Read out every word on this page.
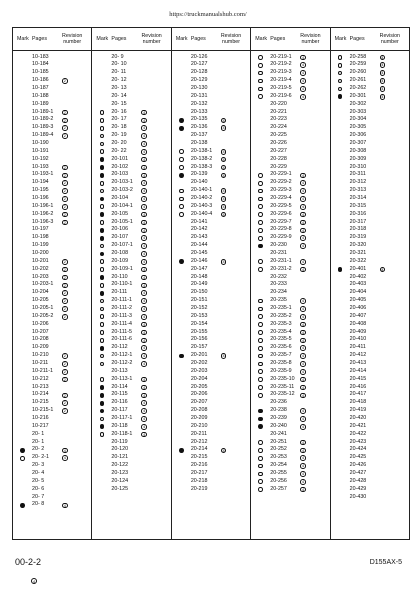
https://truckmanualshub.com/
Mark Pages	Revision
number
10-183
10-184
10-185
10-186	2
10-187
10-188
10-189
10-189-1	2
10-189-2	2
10-189-3	2
10-189-4	2
10-190
10-191
10-192
10-193	2
10-193-1	2
10-194	2
10-195	2
10-196	2
10-196-1	2
10-196-2	2
10-196-3	2
10-197
10-198
10-199
10-200
10-201	2
10-202	2
10-203	2
10-203-1	2
10-204	2
10-205	2
10-205-1	2
10-205-2	2
10-206
10-207
10-208
10-209
10-210	2
10-211	2
10-211-1	2
10-212	2
10-213
10-214	2
10-215	2
10-215-1	2
10-216
10-217
20- 1
20- 1
20- 2	4
20- 2-1	4
20- 3
20- 4
20- 5
20- 6
20- 7
20- 8	4
Mark Pages	Revision
number
20- 9
20- 10
20- 11
20- 12
20- 13
20- 14
20- 15
20- 16	4
20- 17	4
20- 18	4
20- 19	4
20- 20	4
20- 22	4
20-101	4
20-102	4
20-103	4
20-103-1	4
20-103-2	4
20-104	4
20-104-1	4
20-105	4
20-105-1	4
20-106	4
20-107	4
20-107-1	4
20-108	4
20-109	4
20-109-1	4
20-110	4
20-110-1	4
20-111	4
20-111-1	4
20-111-2	4
20-111-3	4
20-111-4	4
20-111-5	4
20-111-6	4
20-112	4
20-112-1	4
20-112-2	4
20-113
20-113-1	4
20-114	4
20-115	4
20-116	4
20-117	4
20-117-1	4
20-118	4
20-118-1	4
20-119
20-120
20-121
20-122
20-123
20-124
20-125
Mark Pages	Revision
number
20-126
20-127
20-128
20-129
20-130
20-131
20-132
20-133
20-135	4
20-136	4
20-137
20-138
20-138-1	4
20-138-2	4
20-138-3	4
20-139	4
20-140
20-140-1	4
20-140-2	4
20-140-3	4
20-140-4	4
20-141
20-142
20-143
20-144
20-145
20-146	4
20-147
20-148
20-149
20-150
20-151
20-152
20-153
20-154
20-155
20-156
20-157
20-201	4
20-202
20-203
20-204
20-205
20-206
20-207
20-208
20-209
20-210
20-211
20-212
20-214	4
20-215
20-216
20-217
20-218
20-219
Mark Pages	Revision
number
20-219-1	4
20-219-2	4
20-219-3	4
20-219-4	4
20-219-5	4
20-219-6	4
20-220
20-221
20-223
20-224
20-225
20-226
20-227
20-228
20-229
20-229-1	4
20-229-2	4
20-229-3	4
20-229-4	4
20-229-5	4
20-229-6	4
20-229-7	4
20-229-8	4
20-229-9	4
20-230	4
20-231
20-231-1	4
20-231-2	4
20-232
20-233
20-234
20-235	4
20-235-1	4
20-235-2	4
20-235-3	4
20-235-4	4
20-235-5	4
20-235-6	4
20-235-7	4
20-235-8	4
20-235-9	4
20-235-10	4
20-235-11	4
20-235-12	4
20-236
20-238	4
20-239	4
20-240	4
20-241
20-251	4
20-252	4
20-253	4
20-254	4
20-255	4
20-256	4
20-257	4
Mark Pages	Revision
number
20-258	4
20-259	4
20-260	4
20-261	4
20-262	4
20-301	4
20-302
20-303
20-304
20-305
20-306
20-307
20-308
20-309
20-310
20-311
20-312
20-313
20-314
20-315
20-316
20-317
20-318
20-319
20-320
20-321
20-322
20-401	4
20-402
20-403
20-404
20-405
20-406
20-407
20-408
20-409
20-410
20-411
20-412
20-413
20-414
20-415
20-416
20-417
20-418
20-419
20-420
20-421
20-422
20-423
20-424
20-425
20-426
20-427
20-428
20-429
20-430
00-2-2
4
D155AX-5
